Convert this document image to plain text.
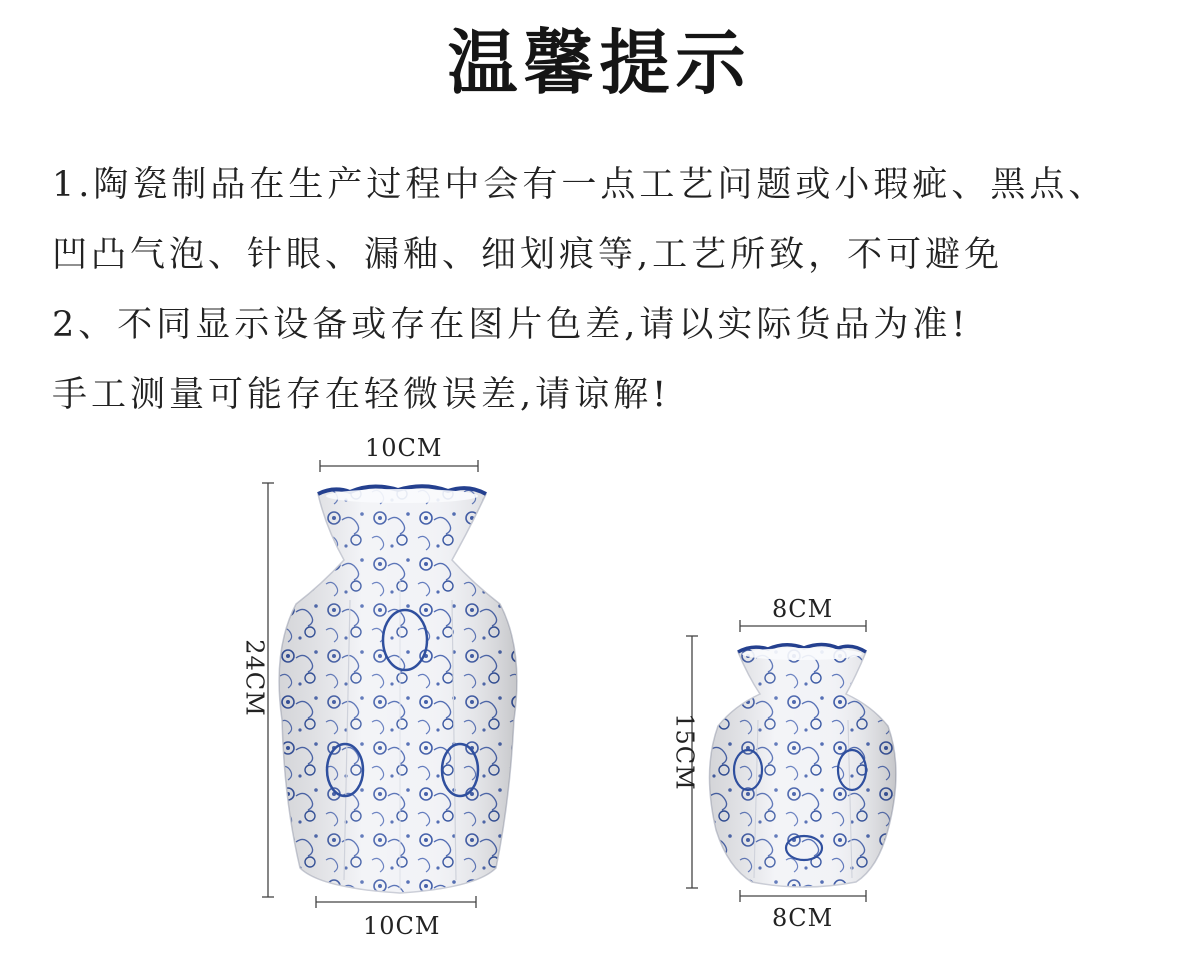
温馨提示
1.陶瓷制品在生产过程中会有一点工艺问题或小瑕疵、黑点、
凹凸气泡、针眼、漏釉、细划痕等,工艺所致，不可避免
2、不同显示设备或存在图片色差,请以实际货品为准!
手工测量可能存在轻微误差,请谅解!
10CM
24CM
10CM
8CM
15CM
8CM
